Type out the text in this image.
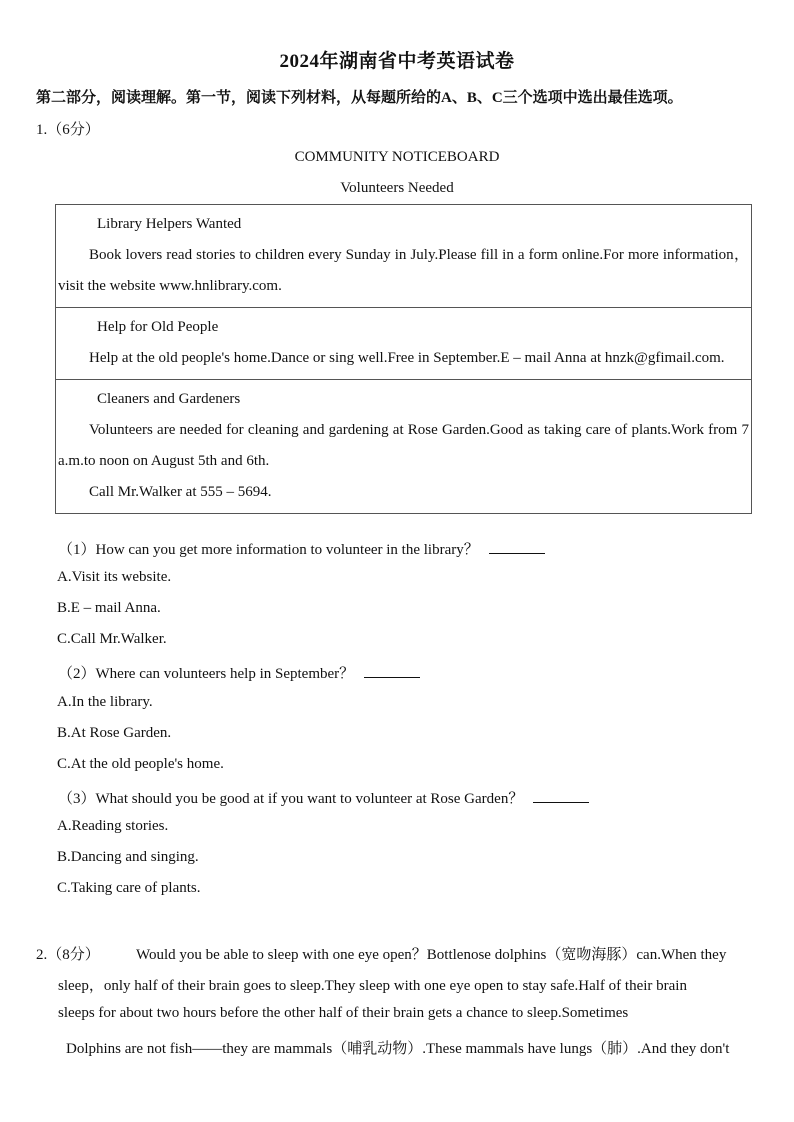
2024年湖南省中考英语试卷
第二部分，阅读理解。第一节，阅读下列材料，从每题所给的A、B、C三个选项中选出最佳选项。
1.（6分）
COMMUNITY NOTICEBOARD
Volunteers Needed
Library Helpers Wanted

Book lovers read stories to children every Sunday in July.Please fill in a form online.For more information，visit the website www.hnlibrary.com.

Help for Old People

Help at the old people's home.Dance or sing well.Free in September.E – mail Anna at hnzk@gfimail.com.

Cleaners and Gardeners

Volunteers are needed for cleaning and gardening at Rose Garden.Good as taking care of plants.Work from 7 a.m.to noon on August 5th and 6th.

Call Mr.Walker at 555 – 5694.
（1）How can you get more information to volunteer in the library？
A.Visit its website.
B.E – mail Anna.
C.Call Mr.Walker.
（2）Where can volunteers help in September？
A.In the library.
B.At Rose Garden.
C.At the old people's home.
（3）What should you be good at if you want to volunteer at Rose Garden？
A.Reading stories.
B.Dancing and singing.
C.Taking care of plants.
2.（8分） Would you be able to sleep with one eye open？Bottlenose dolphins（宽吻海豚）can.When they
sleep，only half of their brain goes to sleep.They sleep with one eye open to stay safe.Half of their brain
sleeps for about two hours before the other half of their brain gets a chance to sleep.Sometimes
Dolphins are not fish——they are mammals（哺乳动物）.These mammals have lungs（肺）.And they don't
